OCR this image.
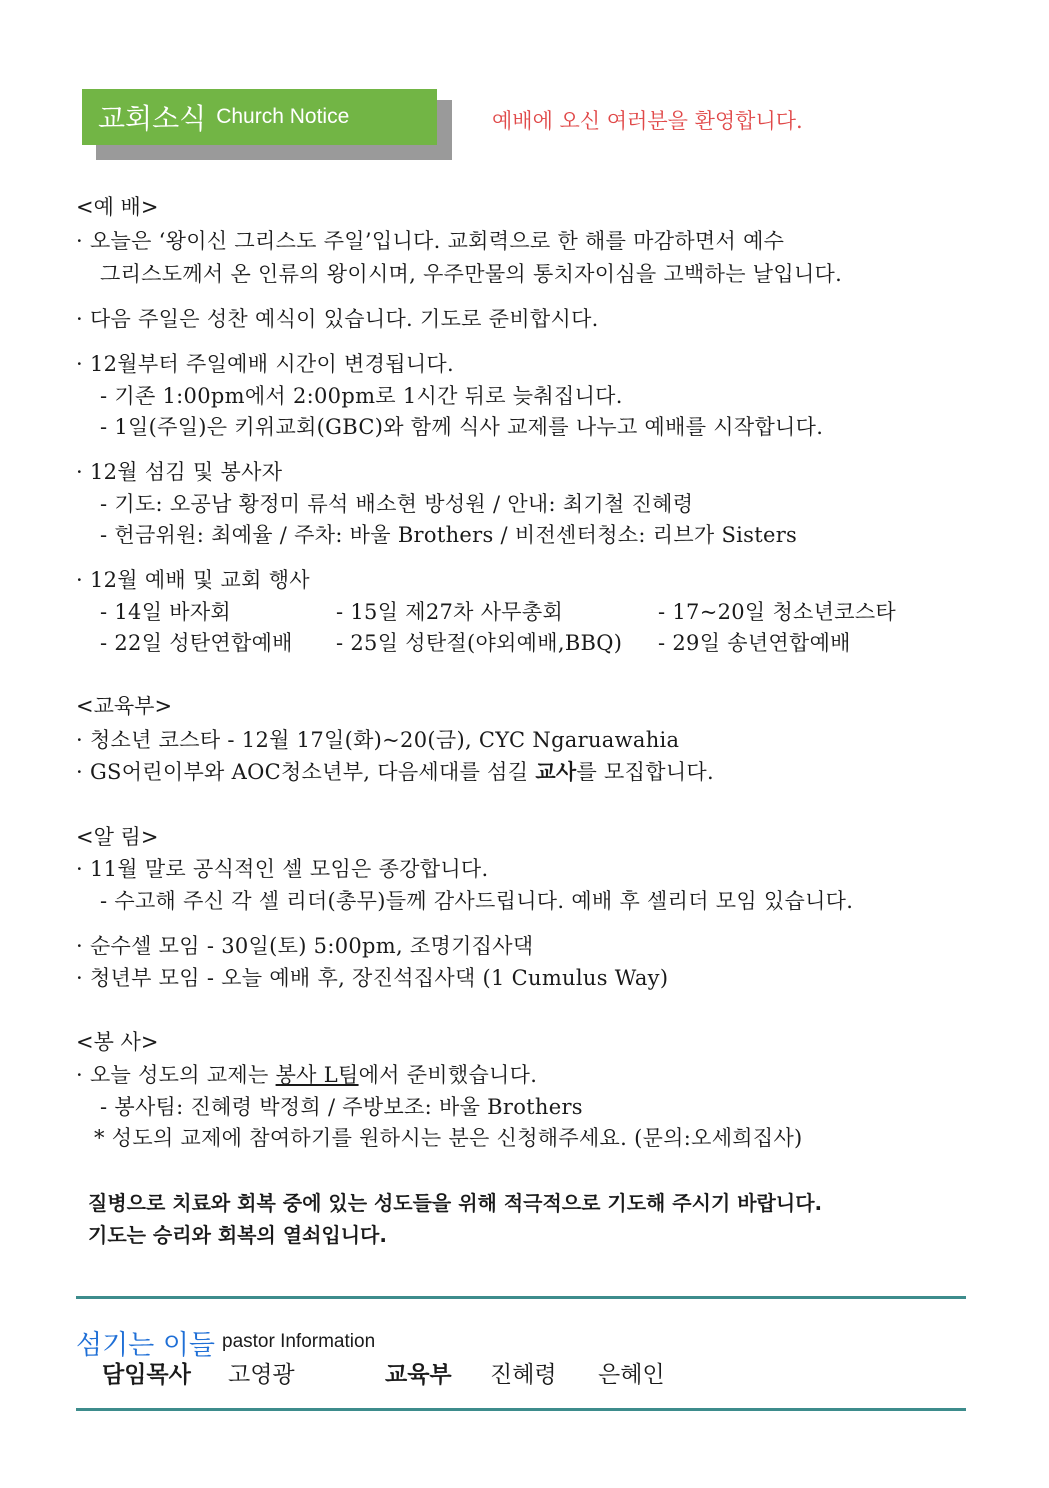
교회소식 Church Notice	예배에 오신 여러분을 환영합니다.
<예 배>
· 오늘은 ‘왕이신 그리스도 주일’입니다. 교회력으로 한 해를 마감하면서 예수
그리스도께서 온 인류의 왕이시며, 우주만물의 통치자이심을 고백하는 날입니다.
· 다음 주일은 성찬 예식이 있습니다. 기도로 준비합시다.
· 12월부터 주일예배 시간이 변경됩니다.
- 기존 1:00pm에서 2:00pm로 1시간 뒤로 늦춰집니다.
- 1일(주일)은 키위교회(GBC)와 함께 식사 교제를 나누고 예배를 시작합니다.
· 12월 섬김 및 봉사자
- 기도: 오공남 황정미 류석 배소현 방성원 / 안내: 최기철 진혜령
- 헌금위원: 최예율 / 주차: 바울 Brothers / 비전센터청소: 리브가 Sisters
· 12월 예배 및 교회 행사
- 14일 바자회	- 15일 제27차 사무총회	- 17~20일 청소년코스타
- 22일 성탄연합예배 - 25일 성탄절(야외예배,BBQ) - 29일 송년연합예배
<교육부>
· 청소년 코스타 - 12월 17일(화)~20(금), CYC Ngaruawahia
· GS어린이부와 AOC청소년부, 다음세대를 섬길 교사를 모집합니다.
<알 림>
· 11월 말로 공식적인 셀 모임은 종강합니다.
- 수고해 주신 각 셀 리더(총무)들께 감사드립니다. 예배 후 셀리더 모임 있습니다.
· 순수셀 모임 - 30일(토) 5:00pm, 조명기집사댁
· 청년부 모임 - 오늘 예배 후, 장진석집사댁 (1 Cumulus Way)
<봉 사>
· 오늘 성도의 교제는 봉사 L팀에서 준비했습니다.
- 봉사팀: 진혜령 박정희 / 주방보조: 바울 Brothers
* 성도의 교제에 참여하기를 원하시는 분은 신청해주세요. (문의:오세희집사)
질병으로 치료와 회복 중에 있는 성도들을 위해 적극적으로 기도해 주시기 바랍니다.
기도는 승리와 회복의 열쇠입니다.
섬기는 이들 pastor Information
담임목사 고영광	교육부 진혜령 은혜인
